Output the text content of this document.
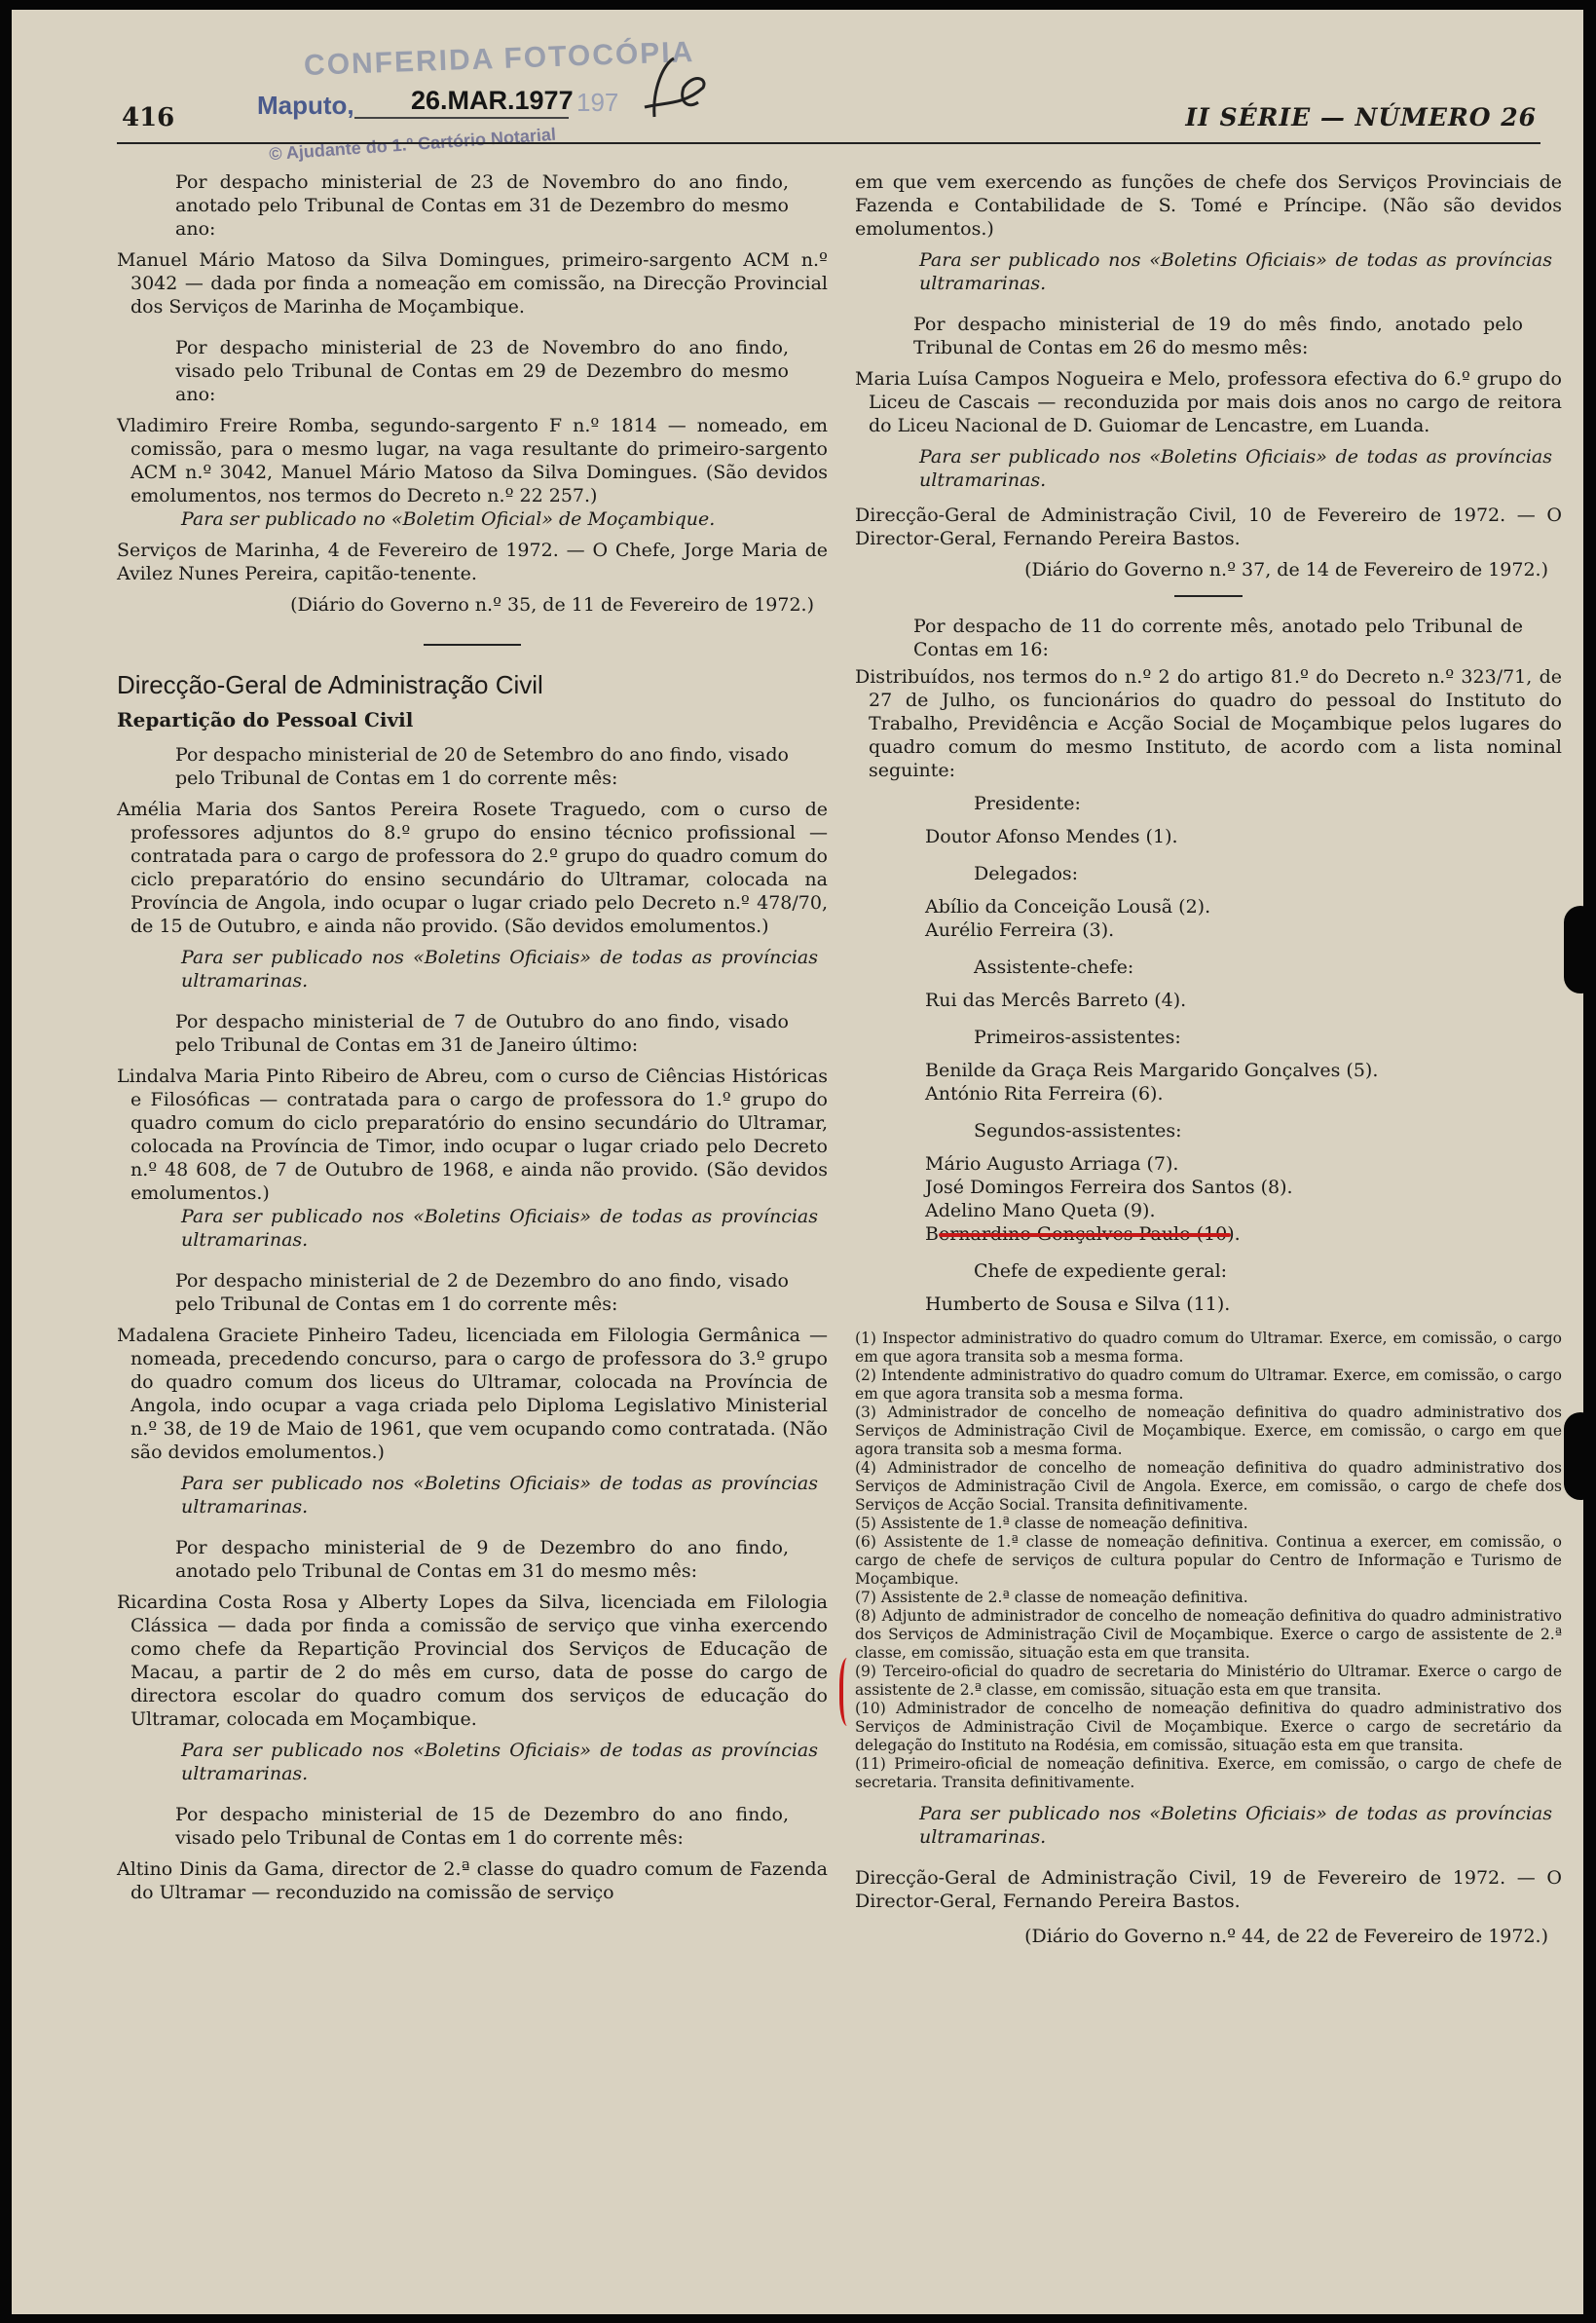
CONFERIDA FOTOCÓPIA
Maputo, 26.MAR.1977 197
© Ajudante do 1.º Cartório Notarial
416	II SÉRIE — NÚMERO 26

Por despacho ministerial de 23 de Novembro do ano findo, anotado pelo Tribunal de Contas em 31 de Dezembro do mesmo ano:

Manuel Mário Matoso da Silva Domingues, primeiro-sargento ACM n.º 3042 — dada por finda a nomeação em comissão, na Direcção Provincial dos Serviços de Marinha de Moçambique.

Por despacho ministerial de 23 de Novembro do ano findo, visado pelo Tribunal de Contas em 29 de Dezembro do mesmo ano:

Vladimiro Freire Romba, segundo-sargento F n.º 1814 — nomeado, em comissão, para o mesmo lugar, na vaga resultante do primeiro-sargento ACM n.º 3042, Manuel Mário Matoso da Silva Domingues. (São devidos emolumentos, nos termos do Decreto n.º 22 257.)

Para ser publicado no «Boletim Oficial» de Moçambique.

Serviços de Marinha, 4 de Fevereiro de 1972. — O Chefe, Jorge Maria de Avilez Nunes Pereira, capitão-tenente.

(Diário do Governo n.º 35, de 11 de Fevereiro de 1972.)

Direcção-Geral de Administração Civil

Repartição do Pessoal Civil

Por despacho ministerial de 20 de Setembro do ano findo, visado pelo Tribunal de Contas em 1 do corrente mês:

Amélia Maria dos Santos Pereira Rosete Traguedo, com o curso de professores adjuntos do 8.º grupo do ensino técnico profissional — contratada para o cargo de professora do 2.º grupo do quadro comum do ciclo preparatório do ensino secundário do Ultramar, colocada na Província de Angola, indo ocupar o lugar criado pelo Decreto n.º 478/70, de 15 de Outubro, e ainda não provido. (São devidos emolumentos.)

Para ser publicado nos «Boletins Oficiais» de todas as províncias ultramarinas.

Por despacho ministerial de 7 de Outubro do ano findo, visado pelo Tribunal de Contas em 31 de Janeiro último:

Lindalva Maria Pinto Ribeiro de Abreu, com o curso de Ciências Históricas e Filosóficas — contratada para o cargo de professora do 1.º grupo do quadro comum do ciclo preparatório do ensino secundário do Ultramar, colocada na Província de Timor, indo ocupar o lugar criado pelo Decreto n.º 48 608, de 7 de Outubro de 1968, e ainda não provido. (São devidos emolumentos.)

Para ser publicado nos «Boletins Oficiais» de todas as províncias ultramarinas.

Por despacho ministerial de 2 de Dezembro do ano findo, visado pelo Tribunal de Contas em 1 do corrente mês:

Madalena Graciete Pinheiro Tadeu, licenciada em Filologia Germânica — nomeada, precedendo concurso, para o cargo de professora do 3.º grupo do quadro comum dos liceus do Ultramar, colocada na Província de Angola, indo ocupar a vaga criada pelo Diploma Legislativo Ministerial n.º 38, de 19 de Maio de 1961, que vem ocupando como contratada. (Não são devidos emolumentos.)

Para ser publicado nos «Boletins Oficiais» de todas as províncias ultramarinas.

Por despacho ministerial de 9 de Dezembro do ano findo, anotado pelo Tribunal de Contas em 31 do mesmo mês:

Ricardina Costa Rosa y Alberty Lopes da Silva, licenciada em Filologia Clássica — dada por finda a comissão de serviço que vinha exercendo como chefe da Repartição Provincial dos Serviços de Educação de Macau, a partir de 2 do mês em curso, data de posse do cargo de directora escolar do quadro comum dos serviços de educação do Ultramar, colocada em Moçambique.

Para ser publicado nos «Boletins Oficiais» de todas as províncias ultramarinas.

Por despacho ministerial de 15 de Dezembro do ano findo, visado pelo Tribunal de Contas em 1 do corrente mês:

Altino Dinis da Gama, director de 2.ª classe do quadro comum de Fazenda do Ultramar — reconduzido na comissão de serviço

em que vem exercendo as funções de chefe dos Serviços Provinciais de Fazenda e Contabilidade de S. Tomé e Príncipe. (Não são devidos emolumentos.)

Para ser publicado nos «Boletins Oficiais» de todas as províncias ultramarinas.

Por despacho ministerial de 19 do mês findo, anotado pelo Tribunal de Contas em 26 do mesmo mês:

Maria Luísa Campos Nogueira e Melo, professora efectiva do 6.º grupo do Liceu de Cascais — reconduzida por mais dois anos no cargo de reitora do Liceu Nacional de D. Guiomar de Lencastre, em Luanda.

Para ser publicado nos «Boletins Oficiais» de todas as províncias ultramarinas.

Direcção-Geral de Administração Civil, 10 de Fevereiro de 1972. — O Director-Geral, Fernando Pereira Bastos.

(Diário do Governo n.º 37, de 14 de Fevereiro de 1972.)

Por despacho de 11 do corrente mês, anotado pelo Tribunal de Contas em 16:

Distribuídos, nos termos do n.º 2 do artigo 81.º do Decreto n.º 323/71, de 27 de Julho, os funcionários do quadro do pessoal do Instituto do Trabalho, Previdência e Acção Social de Moçambique pelos lugares do quadro comum do mesmo Instituto, de acordo com a lista nominal seguinte:

Presidente:

Doutor Afonso Mendes (1).

Delegados:

Abílio da Conceição Lousã (2).

Aurélio Ferreira (3).

Assistente-chefe:

Rui das Mercês Barreto (4).

Primeiros-assistentes:

Benilde da Graça Reis Margarido Gonçalves (5).

António Rita Ferreira (6).

Segundos-assistentes:

Mário Augusto Arriaga (7).

José Domingos Ferreira dos Santos (8).

Adelino Mano Queta (9).

Bernardino Gonçalves Paulo (10).

Chefe de expediente geral:

Humberto de Sousa e Silva (11).

(1) Inspector administrativo do quadro comum do Ultramar. Exerce, em comissão, o cargo em que agora transita sob a mesma forma.

(2) Intendente administrativo do quadro comum do Ultramar. Exerce, em comissão, o cargo em que agora transita sob a mesma forma.

(3) Administrador de concelho de nomeação definitiva do quadro administrativo dos Serviços de Administração Civil de Moçambique. Exerce, em comissão, o cargo em que agora transita sob a mesma forma.

(4) Administrador de concelho de nomeação definitiva do quadro administrativo dos Serviços de Administração Civil de Angola. Exerce, em comissão, o cargo de chefe dos Serviços de Acção Social. Transita definitivamente.

(5) Assistente de 1.ª classe de nomeação definitiva.

(6) Assistente de 1.ª classe de nomeação definitiva. Continua a exercer, em comissão, o cargo de chefe de serviços de cultura popular do Centro de Informação e Turismo de Moçambique.

(7) Assistente de 2.ª classe de nomeação definitiva.

(8) Adjunto de administrador de concelho de nomeação definitiva do quadro administrativo dos Serviços de Administração Civil de Moçambique. Exerce o cargo de assistente de 2.ª classe, em comissão, situação esta em que transita.

(9) Terceiro-oficial do quadro de secretaria do Ministério do Ultramar. Exerce o cargo de assistente de 2.ª classe, em comissão, situação esta em que transita.

(10) Administrador de concelho de nomeação definitiva do quadro administrativo dos Serviços de Administração Civil de Moçambique. Exerce o cargo de secretário da delegação do Instituto na Rodésia, em comissão, situação esta em que transita.

(11) Primeiro-oficial de nomeação definitiva. Exerce, em comissão, o cargo de chefe de secretaria. Transita definitivamente.

Para ser publicado nos «Boletins Oficiais» de todas as províncias ultramarinas.

Direcção-Geral de Administração Civil, 19 de Fevereiro de 1972. — O Director-Geral, Fernando Pereira Bastos.

(Diário do Governo n.º 44, de 22 de Fevereiro de 1972.)
